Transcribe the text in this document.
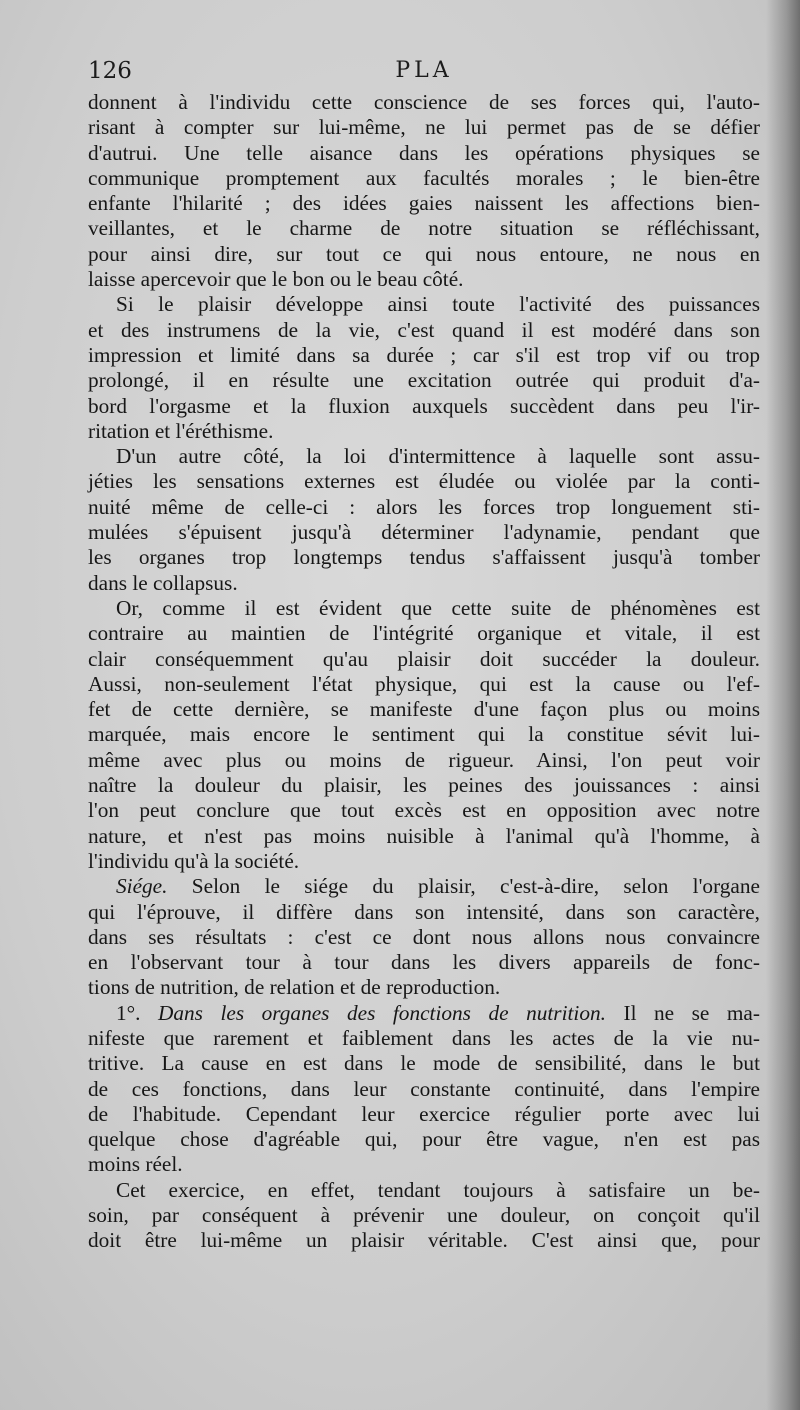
126	PLA
donnent à l'individu cette conscience de ses forces qui, l'auto-
risant à compter sur lui-même, ne lui permet pas de se défier
d'autrui. Une telle aisance dans les opérations physiques se
communique promptement aux facultés morales ; le bien-être
enfante l'hilarité ; des idées gaies naissent les affections bien-
veillantes, et le charme de notre situation se réfléchissant,
pour ainsi dire, sur tout ce qui nous entoure, ne nous en
laisse apercevoir que le bon ou le beau côté.
Si le plaisir développe ainsi toute l'activité des puissances
et des instrumens de la vie, c'est quand il est modéré dans son
impression et limité dans sa durée ; car s'il est trop vif ou trop
prolongé, il en résulte une excitation outrée qui produit d'a-
bord l'orgasme et la fluxion auxquels succèdent dans peu l'ir-
ritation et l'éréthisme.
D'un autre côté, la loi d'intermittence à laquelle sont assu-
jéties les sensations externes est éludée ou violée par la conti-
nuité même de celle-ci : alors les forces trop longuement sti-
mulées s'épuisent jusqu'à déterminer l'adynamie, pendant que
les organes trop longtemps tendus s'affaissent jusqu'à tomber
dans le collapsus.
Or, comme il est évident que cette suite de phénomènes est
contraire au maintien de l'intégrité organique et vitale, il est
clair conséquemment qu'au plaisir doit succéder la douleur.
Aussi, non-seulement l'état physique, qui est la cause ou l'ef-
fet de cette dernière, se manifeste d'une façon plus ou moins
marquée, mais encore le sentiment qui la constitue sévit lui-
même avec plus ou moins de rigueur. Ainsi, l'on peut voir
naître la douleur du plaisir, les peines des jouissances : ainsi
l'on peut conclure que tout excès est en opposition avec notre
nature, et n'est pas moins nuisible à l'animal qu'à l'homme, à
l'individu qu'à la société.
Siége. Selon le siége du plaisir, c'est-à-dire, selon l'organe
qui l'éprouve, il diffère dans son intensité, dans son caractère,
dans ses résultats : c'est ce dont nous allons nous convaincre
en l'observant tour à tour dans les divers appareils de fonc-
tions de nutrition, de relation et de reproduction.
1°. Dans les organes des fonctions de nutrition. Il ne se ma-
nifeste que rarement et faiblement dans les actes de la vie nu-
tritive. La cause en est dans le mode de sensibilité, dans le but
de ces fonctions, dans leur constante continuité, dans l'empire
de l'habitude. Cependant leur exercice régulier porte avec lui
quelque chose d'agréable qui, pour être vague, n'en est pas
moins réel.
Cet exercice, en effet, tendant toujours à satisfaire un be-
soin, par conséquent à prévenir une douleur, on conçoit qu'il
doit être lui-même un plaisir véritable. C'est ainsi que, pour
